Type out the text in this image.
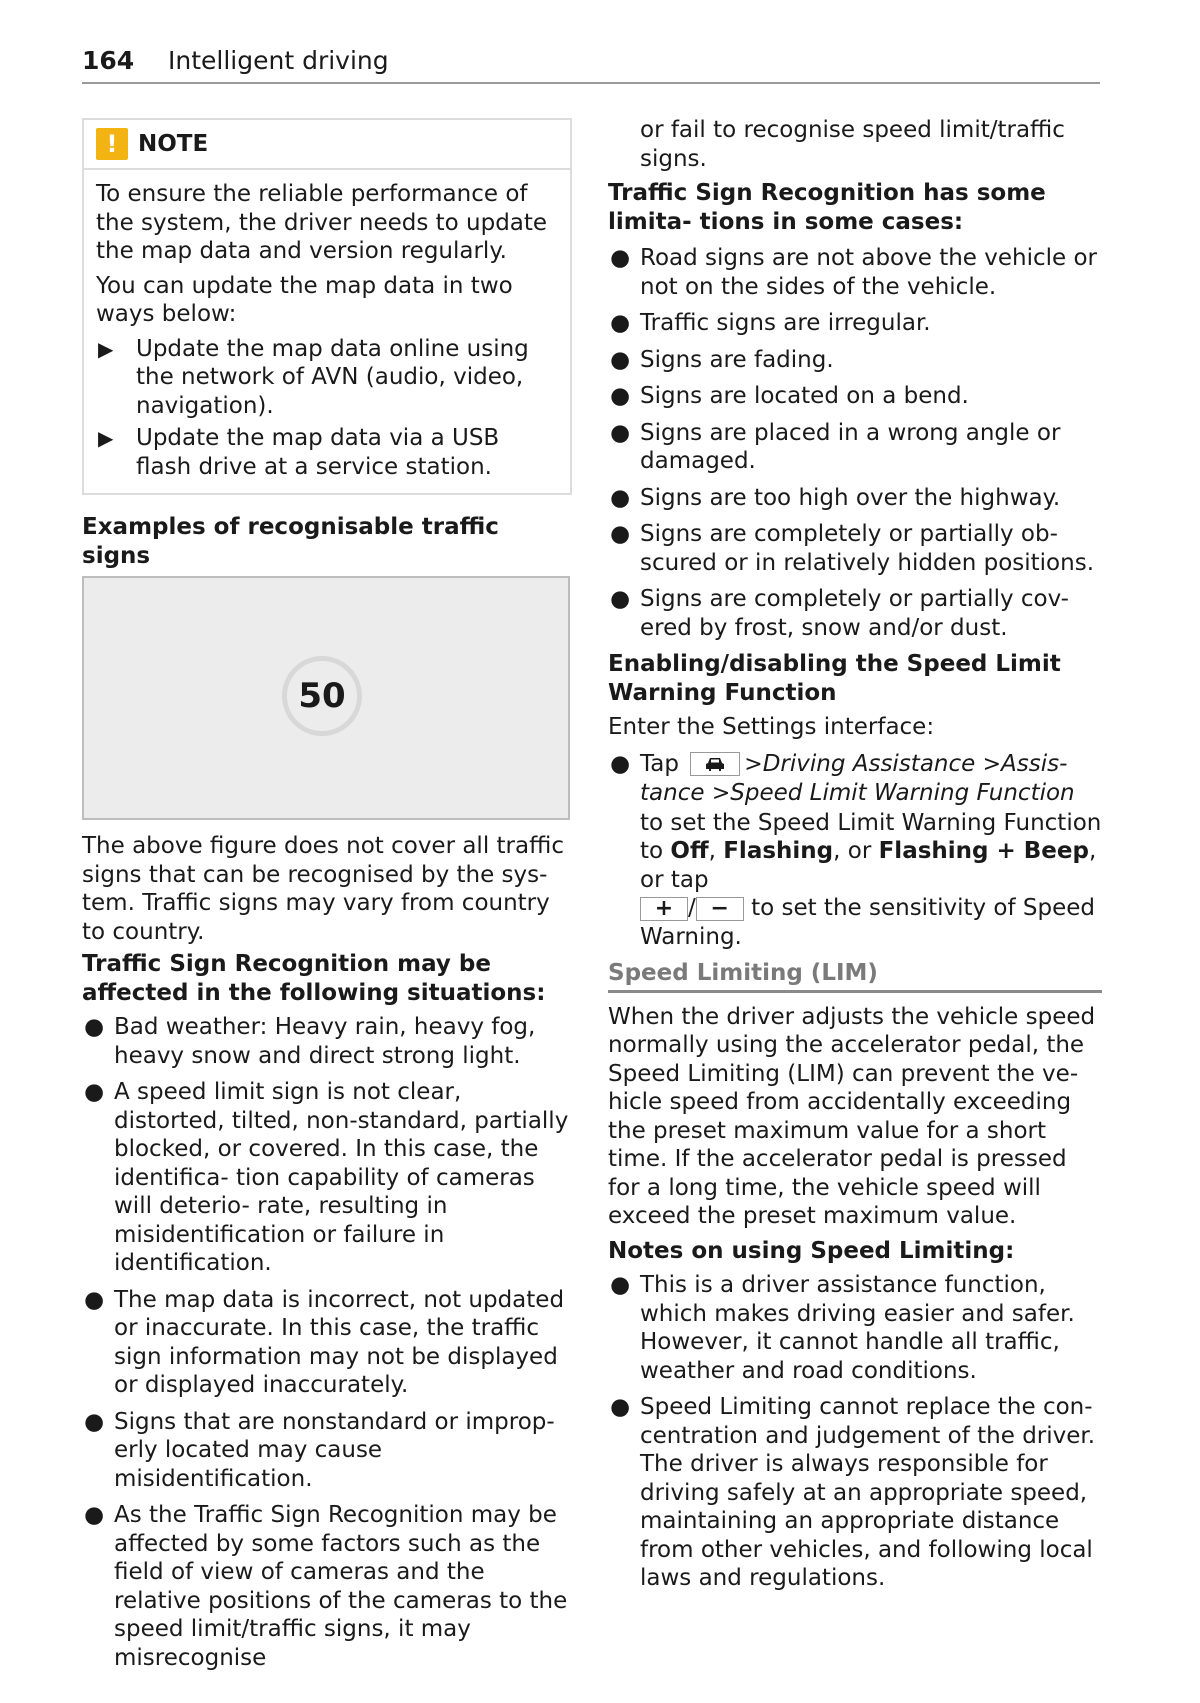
164 Intelligent driving
! NOTE

To ensure the reliable performance of the system, the driver needs to update the map data and version regularly.

You can update the map data in two ways below:

▶ Update the map data online using the network of AVN (audio, video, navigation).
▶ Update the map data via a USB flash drive at a service station.

Examples of recognisable traffic signs

50

The above figure does not cover all traffic signs that can be recognised by the sys- tem. Traffic signs may vary from country to country.

Traffic Sign Recognition may be affected in the following situations:

● Bad weather: Heavy rain, heavy fog, heavy snow and direct strong light.
● A speed limit sign is not clear, distorted, tilted, non-standard, partially blocked, or covered. In this case, the identifica- tion capability of cameras will deterio- rate, resulting in misidentification or failure in identification.
● The map data is incorrect, not updated or inaccurate. In this case, the traffic sign information may not be displayed or displayed inaccurately.
● Signs that are nonstandard or improp- erly located may cause misidentification.
● As the Traffic Sign Recognition may be affected by some factors such as the field of view of cameras and the relative positions of the cameras to the speed limit/traffic signs, it may misrecognise

or fail to recognise speed limit/traffic signs.

Traffic Sign Recognition has some limita- tions in some cases:

● Road signs are not above the vehicle or not on the sides of the vehicle.
● Traffic signs are irregular.
● Signs are fading.
● Signs are located on a bend.
● Signs are placed in a wrong angle or damaged.
● Signs are too high over the highway.
● Signs are completely or partially ob- scured or in relatively hidden positions.
● Signs are completely or partially cov- ered by frost, snow and/or dust.

Enabling/disabling the Speed Limit Warning Function

Enter the Settings interface:

● Tap	>Driving Assistance >Assis- tance >Speed Limit Warning Function to set the Speed Limit Warning Function to Off, Flashing, or Flashing + Beep, or tap
+ / − to set the sensitivity of Speed Warning.

Speed Limiting (LIM)

When the driver adjusts the vehicle speed normally using the accelerator pedal, the Speed Limiting (LIM) can prevent the ve- hicle speed from accidentally exceeding the preset maximum value for a short time. If the accelerator pedal is pressed for a long time, the vehicle speed will exceed the preset maximum value.

Notes on using Speed Limiting:

● This is a driver assistance function, which makes driving easier and safer. However, it cannot handle all traffic, weather and road conditions.
● Speed Limiting cannot replace the con- centration and judgement of the driver. The driver is always responsible for driving safely at an appropriate speed, maintaining an appropriate distance from other vehicles, and following local laws and regulations.
